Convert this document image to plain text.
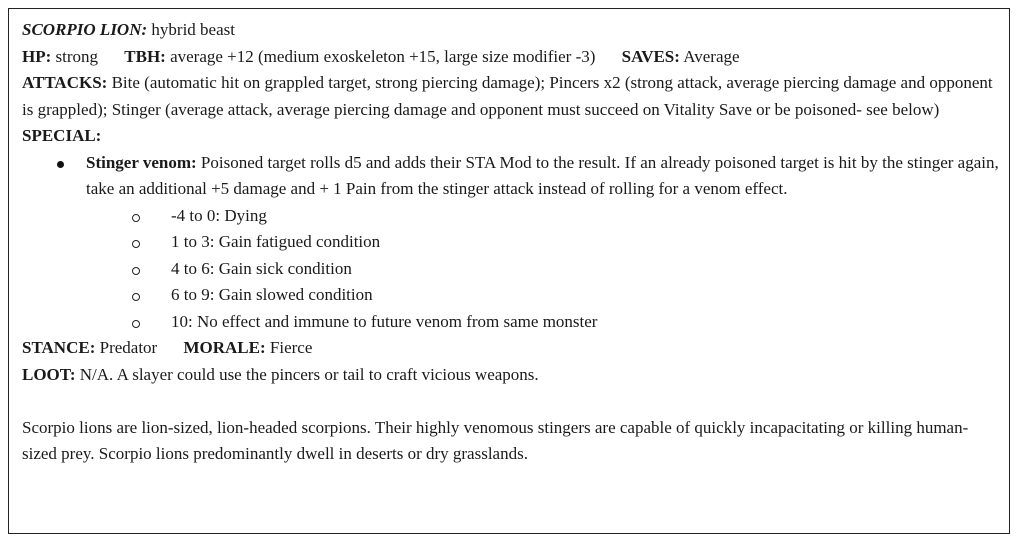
SCORPIO LION: hybrid beast
HP: strong TBH: average +12 (medium exoskeleton +15, large size modifier -3) SAVES: Average
ATTACKS: Bite (automatic hit on grappled target, strong piercing damage); Pincers x2 (strong attack, average piercing damage and opponent is grappled); Stinger (average attack, average piercing damage and opponent must succeed on Vitality Save or be poisoned- see below)
SPECIAL:
Stinger venom: Poisoned target rolls d5 and adds their STA Mod to the result. If an already poisoned target is hit by the stinger again, take an additional +5 damage and + 1 Pain from the stinger attack instead of rolling for a venom effect.
-4 to 0: Dying
1 to 3: Gain fatigued condition
4 to 6: Gain sick condition
6 to 9: Gain slowed condition
10: No effect and immune to future venom from same monster
STANCE: Predator MORALE: Fierce
LOOT: N/A. A slayer could use the pincers or tail to craft vicious weapons.
Scorpio lions are lion-sized, lion-headed scorpions. Their highly venomous stingers are capable of quickly incapacitating or killing human-sized prey. Scorpio lions predominantly dwell in deserts or dry grasslands.
